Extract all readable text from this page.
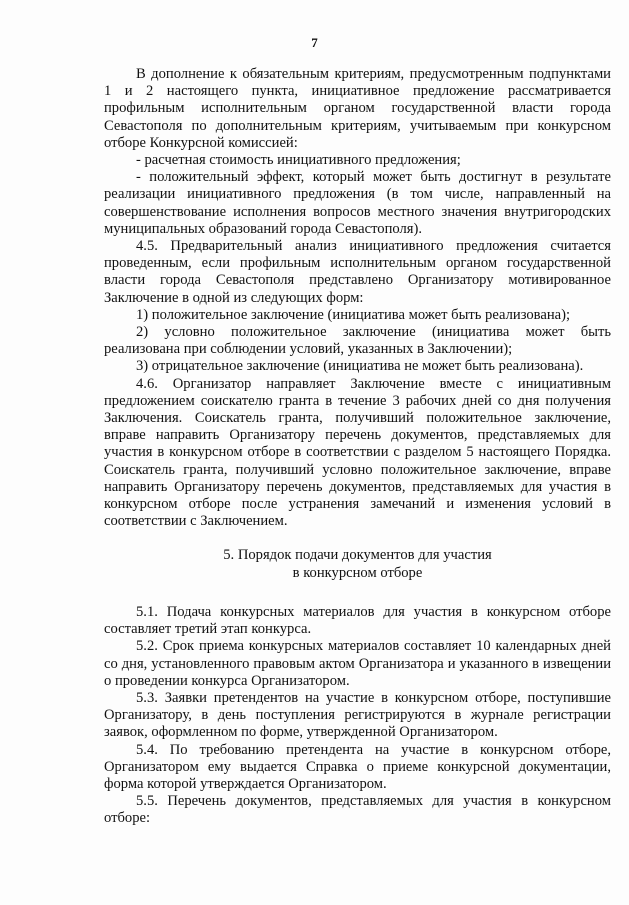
7

В дополнение к обязательным критериям, предусмотренным подпунктами 1 и 2 настоящего пункта, инициативное предложение рассматривается профильным исполнительным органом государственной власти города Севастополя по дополнительным критериям, учитываемым при конкурсном отборе Конкурсной комиссией:

- расчетная стоимость инициативного предложения;

- положительный эффект, который может быть достигнут в результате реализации инициативного предложения (в том числе, направленный на совершенствование исполнения вопросов местного значения внутригородских муниципальных образований города Севастополя).

4.5. Предварительный анализ инициативного предложения считается проведенным, если профильным исполнительным органом государственной власти города Севастополя представлено Организатору мотивированное Заключение в одной из следующих форм:

1) положительное заключение (инициатива может быть реализована);

2) условно положительное заключение (инициатива может быть реализована при соблюдении условий, указанных в Заключении);

3) отрицательное заключение (инициатива не может быть реализована).

4.6. Организатор направляет Заключение вместе с инициативным предложением соискателю гранта в течение 3 рабочих дней со дня получения Заключения. Соискатель гранта, получивший положительное заключение, вправе направить Организатору перечень документов, представляемых для участия в конкурсном отборе в соответствии с разделом 5 настоящего Порядка. Соискатель гранта, получивший условно положительное заключение, вправе направить Организатору перечень документов, представляемых для участия в конкурсном отборе после устранения замечаний и изменения условий в соответствии с Заключением.

5. Порядок подачи документов для участия
в конкурсном отборе

5.1. Подача конкурсных материалов для участия в конкурсном отборе составляет третий этап конкурса.

5.2. Срок приема конкурсных материалов составляет 10 календарных дней со дня, установленного правовым актом Организатора и указанного в извещении о проведении конкурса Организатором.

5.3. Заявки претендентов на участие в конкурсном отборе, поступившие Организатору, в день поступления регистрируются в журнале регистрации заявок, оформленном по форме, утвержденной Организатором.

5.4. По требованию претендента на участие в конкурсном отборе, Организатором ему выдается Справка о приеме конкурсной документации, форма которой утверждается Организатором.

5.5. Перечень документов, представляемых для участия в конкурсном отборе:
